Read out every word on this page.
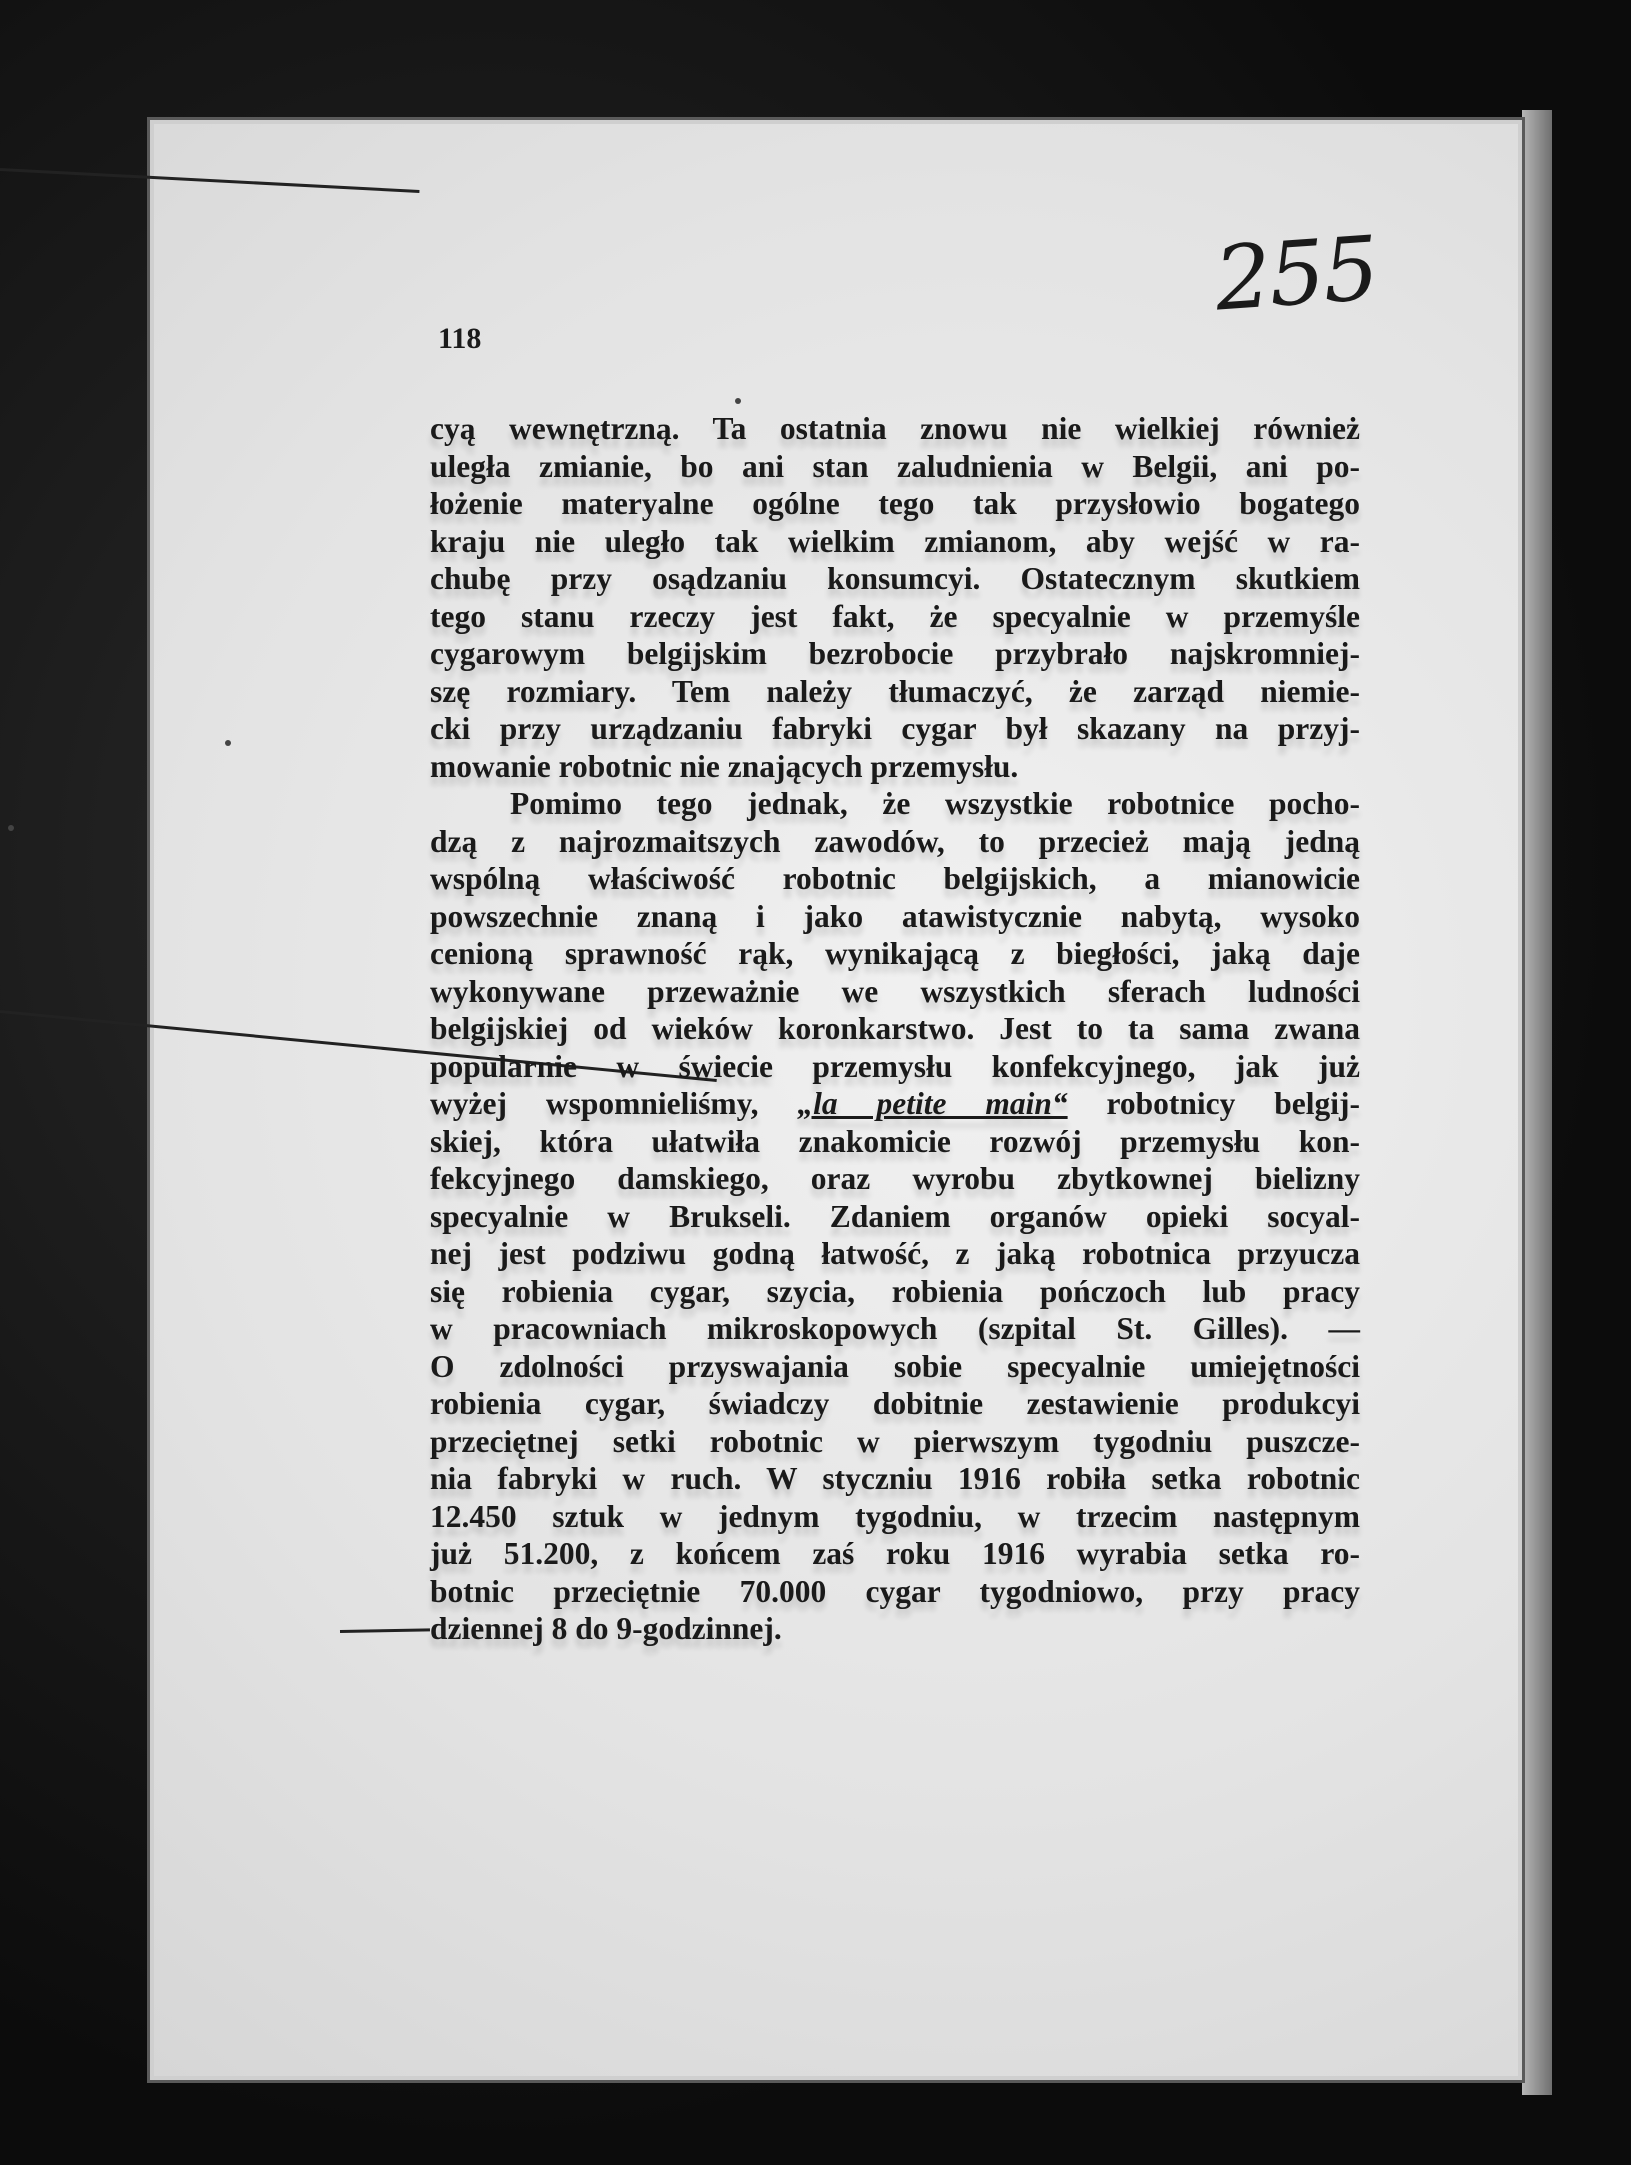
255
118
cyą wewnętrzną. Ta ostatnia znowu nie wielkiej również
uległa zmianie, bo ani stan zaludnienia w Belgii, ani po-
łożenie materyalne ogólne tego tak przysłowio bogatego
kraju nie uległo tak wielkim zmianom, aby wejść w ra-
chubę przy osądzaniu konsumcyi. Ostatecznym skutkiem
tego stanu rzeczy jest fakt, że specyalnie w przemyśle
cygarowym belgijskim bezrobocie przybrało najskromniej-
szę rozmiary. Tem należy tłumaczyć, że zarząd niemie-
cki przy urządzaniu fabryki cygar był skazany na przyj-
mowanie robotnic nie znających przemysłu.
Pomimo tego jednak, że wszystkie robotnice pocho-
dzą z najrozmaitszych zawodów, to przecież mają jedną
wspólną właściwość robotnic belgijskich, a mianowicie
powszechnie znaną i jako atawistycznie nabytą, wysoko
cenioną sprawność rąk, wynikającą z biegłości, jaką daje
wykonywane przeważnie we wszystkich sferach ludności
belgijskiej od wieków koronkarstwo. Jest to ta sama zwana
popularnie w świecie przemysłu konfekcyjnego, jak już
wyżej wspomnieliśmy, „la petite main“ robotnicy belgij-
skiej, która ułatwiła znakomicie rozwój przemysłu kon-
fekcyjnego damskiego, oraz wyrobu zbytkownej bielizny
specyalnie w Brukseli. Zdaniem organów opieki socyal-
nej jest podziwu godną łatwość, z jaką robotnica przyucza
się robienia cygar, szycia, robienia pończoch lub pracy
w pracowniach mikroskopowych (szpital St. Gilles). —
O zdolności przyswajania sobie specyalnie umiejętności
robienia cygar, świadczy dobitnie zestawienie produkcyi
przeciętnej setki robotnic w pierwszym tygodniu puszcze-
nia fabryki w ruch. W styczniu 1916 robiła setka robotnic
12.450 sztuk w jednym tygodniu, w trzecim następnym
już 51.200, z końcem zaś roku 1916 wyrabia setka ro-
botnic przeciętnie 70.000 cygar tygodniowo, przy pracy
dziennej 8 do 9-godzinnej.
